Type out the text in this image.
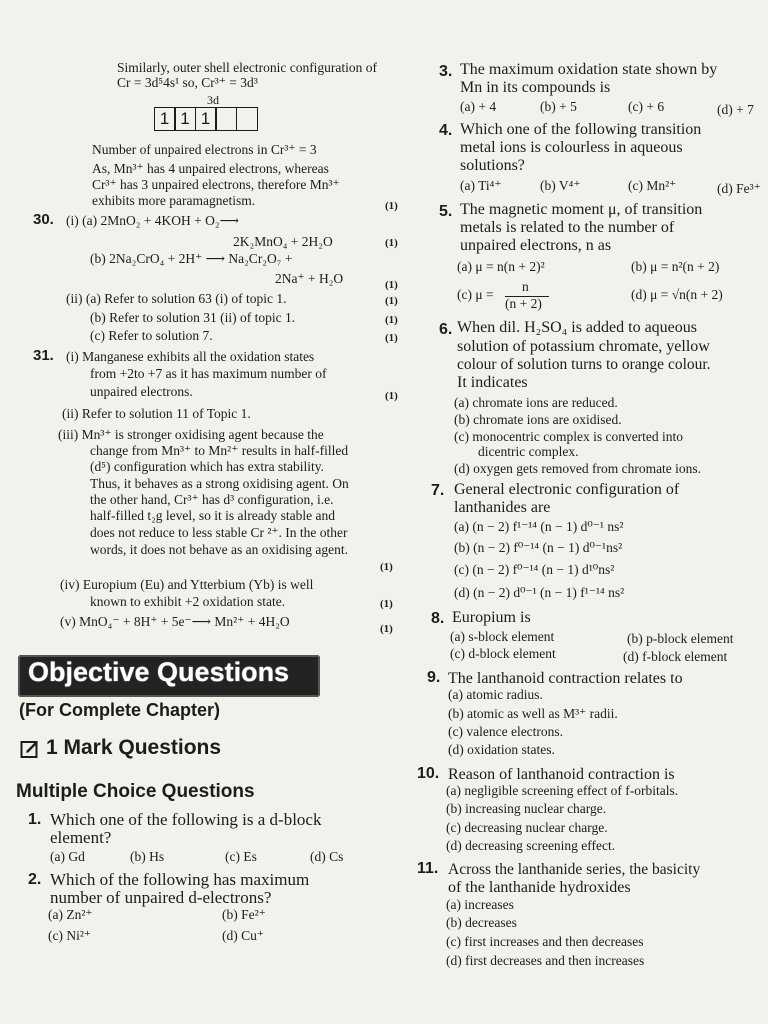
Similarly, outer shell electronic configuration of
Cr = 3d⁵4s¹ so, Cr³⁺ = 3d³
3d
1 1 1
Number of unpaired electrons in Cr³⁺ = 3
As, Mn³⁺ has 4 unpaired electrons, whereas
Cr³⁺ has 3 unpaired electrons, therefore Mn³⁺
exhibits more paramagnetism.	(1)
30. (i) (a) 2MnO₂ + 4KOH + O₂⟶
2K₂MnO₄ + 2H₂O	(1)
(b) 2Na₂CrO₄ + 2H⁺ ⟶ Na₂Cr₂O₇ +
2Na⁺ + H₂O	(1)
(ii) (a) Refer to solution 63 (i) of topic 1.	(1)
(b) Refer to solution 31 (ii) of topic 1.	(1)
(c) Refer to solution 7.	(1)
31. (i) Manganese exhibits all the oxidation states
from +2to +7 as it has maximum number of
unpaired electrons.	(1)
(ii) Refer to solution 11 of Topic 1.
(iii) Mn³⁺ is stronger oxidising agent because the
change from Mn³⁺ to Mn²⁺ results in half-filled
(d⁵) configuration which has extra stability.
Thus, it behaves as a strong oxidising agent. On
the other hand, Cr³⁺ has d³ configuration, i.e.
half-filled t₂g level, so it is already stable and
does not reduce to less stable Cr ²⁺. In the other
words, it does not behave as an oxidising agent.
(1)
(iv) Europium (Eu) and Ytterbium (Yb) is well
known to exhibit +2 oxidation state.	(1)
(v) MnO₄⁻ + 8H⁺ + 5e⁻⟶ Mn²⁺ + 4H₂O	(1)
Objective Questions
(For Complete Chapter)
1 Mark Questions
Multiple Choice Questions
1. Which one of the following is a d-block
element?
(a) Gd	(b) Hs	(c) Es	(d) Cs
2. Which of the following has maximum
number of unpaired d-electrons?
(a) Zn²⁺	(b) Fe²⁺
(c) Ni²⁺	(d) Cu⁺
3. The maximum oxidation state shown by
Mn in its compounds is
(a) + 4	(b) + 5	(c) + 6	(d) + 7
4. Which one of the following transition
metal ions is colourless in aqueous
solutions?
(a) Ti⁴⁺	(b) V⁴⁺	(c) Mn²⁺	(d) Fe³⁺
5. The magnetic moment μ, of transition
metals is related to the number of
unpaired electrons, n as
(a) μ = n(n + 2)²	(b) μ = n²(n + 2)
(c) μ =
n
(n + 2)
(d) μ = √n(n + 2)
6. When dil. H₂SO₄ is added to aqueous
solution of potassium chromate, yellow
colour of solution turns to orange colour.
It indicates
(a) chromate ions are reduced.
(b) chromate ions are oxidised.
(c) monocentric complex is converted into
dicentric complex.
(d) oxygen gets removed from chromate ions.
7. General electronic configuration of
lanthanides are
(a) (n − 2) f¹⁻¹⁴ (n − 1) d⁰⁻¹ ns²
(b) (n − 2) f⁰⁻¹⁴ (n − 1) d⁰⁻¹ns²
(c) (n − 2) f⁰⁻¹⁴ (n − 1) d¹⁰ns²
(d) (n − 2) d⁰⁻¹ (n − 1) f¹⁻¹⁴ ns²
8. Europium is
(a) s-block element	(b) p-block element
(c) d-block element	(d) f-block element
9. The lanthanoid contraction relates to
(a) atomic radius.
(b) atomic as well as M³⁺ radii.
(c) valence electrons.
(d) oxidation states.
10. Reason of lanthanoid contraction is
(a) negligible screening effect of f-orbitals.
(b) increasing nuclear charge.
(c) decreasing nuclear charge.
(d) decreasing screening effect.
11. Across the lanthanide series, the basicity
of the lanthanide hydroxides
(a) increases
(b) decreases
(c) first increases and then decreases
(d) first decreases and then increases
